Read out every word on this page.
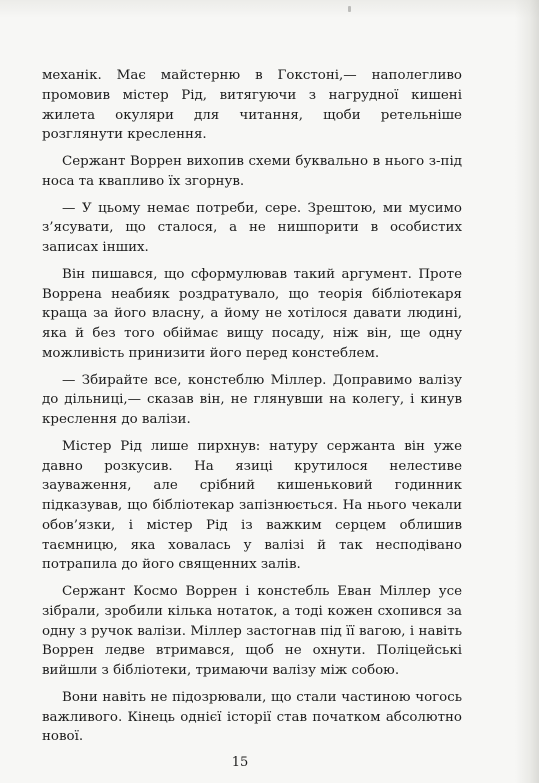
механік. Має майстерню в Гокстоні,— наполегливо промовив містер Рід, витягуючи з нагрудної кишені жилета окуляри для читання, щоби ретельніше розглянути креслення.

Сержант Воррен вихопив схеми буквально в нього з-під носа та квапливо їх згорнув.

— У цьому немає потреби, сере. Зрештою, ми мусимо з’ясувати, що сталося, а не нишпорити в особистих записах інших.

Він пишався, що сформулював такий аргумент. Проте Воррена неабияк роздратувало, що теорія бібліотекаря краща за його власну, а йому не хотілося давати людині, яка й без того обіймає вищу посаду, ніж він, ще одну можливість принизити його перед констеблем.

— Збирайте все, констеблю Міллер. Доправимо валізу до дільниці,— сказав він, не глянувши на колегу, і кинув креслення до валізи.

Містер Рід лише пирхнув: натуру сержанта він уже давно розкусив. На язиці крутилося нелестиве зауваження, але срібний кишеньковий годинник підказував, що бібліотекар запізнюється. На нього чекали обов’язки, і містер Рід із важким серцем облишив таємницю, яка ховалась у валізі й так несподівано потрапила до його священних залів.

Сержант Космо Воррен і констебль Еван Міллер усе зібрали, зробили кілька нотаток, а тоді кожен схопився за одну з ручок валізи. Міллер застогнав під її вагою, і навіть Воррен ледве втримався, щоб не охнути. Поліцейські вийшли з бібліотеки, тримаючи валізу між собою.

Вони навіть не підозрювали, що стали частиною чогось важливого. Кінець однієї історії став початком абсолютно нової.

15
